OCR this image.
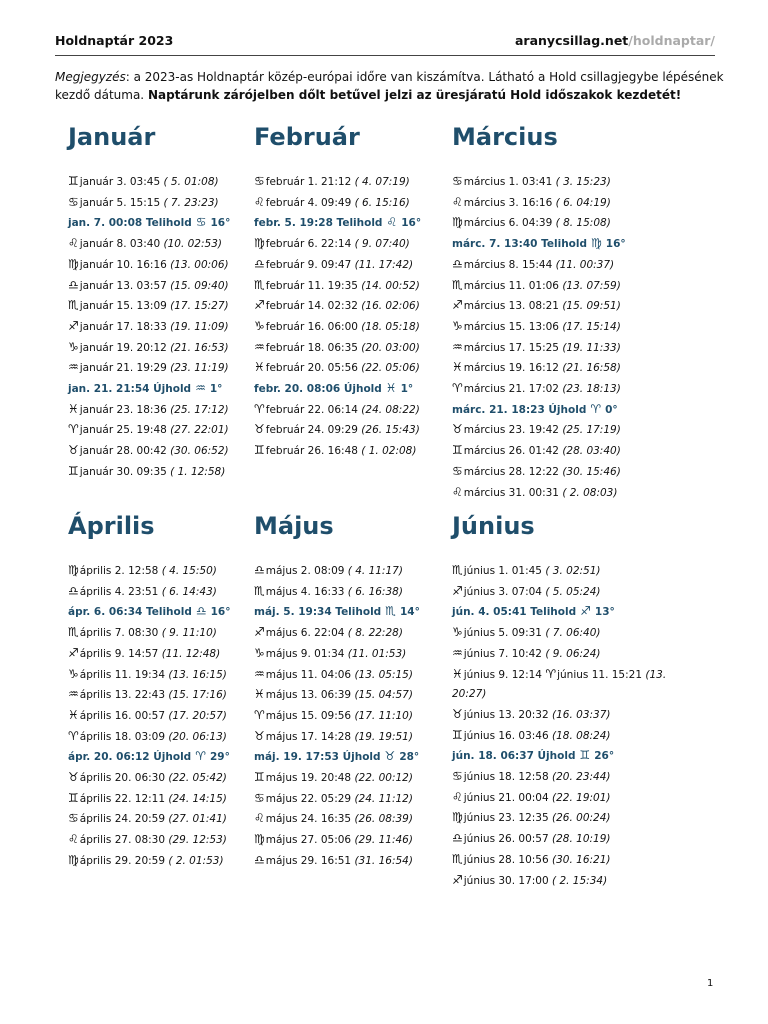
Holdnaptár 2023	aranycsillag.net/holdnaptar/
Megjegyzés: a 2023-as Holdnaptár közép-európai időre van kiszámítva. Látható a Hold csillagjegybe lépésének kezdő dátuma. Naptárunk zárójelben dőlt betűvel jelzi az üresjáratú Hold időszakok kezdetét!
Január
♊január 3. 03:45 ( 5. 01:08)
♋január 5. 15:15 ( 7. 23:23)
jan. 7. 00:08 Telihold ♋ 16°
♌január 8. 03:40 (10. 02:53)
♍január 10. 16:16 (13. 00:06)
♎január 13. 03:57 (15. 09:40)
♏január 15. 13:09 (17. 15:27)
♐január 17. 18:33 (19. 11:09)
♑január 19. 20:12 (21. 16:53)
♒január 21. 19:29 (23. 11:19)
jan. 21. 21:54 Újhold ♒ 1°
♓január 23. 18:36 (25. 17:12)
♈január 25. 19:48 (27. 22:01)
♉január 28. 00:42 (30. 06:52)
♊január 30. 09:35 ( 1. 12:58)
Február
♋február 1. 21:12 ( 4. 07:19)
♌február 4. 09:49 ( 6. 15:16)
febr. 5. 19:28 Telihold ♌ 16°
♍február 6. 22:14 ( 9. 07:40)
♎február 9. 09:47 (11. 17:42)
♏február 11. 19:35 (14. 00:52)
♐február 14. 02:32 (16. 02:06)
♑február 16. 06:00 (18. 05:18)
♒február 18. 06:35 (20. 03:00)
♓február 20. 05:56 (22. 05:06)
febr. 20. 08:06 Újhold ♓ 1°
♈február 22. 06:14 (24. 08:22)
♉február 24. 09:29 (26. 15:43)
♊február 26. 16:48 ( 1. 02:08)
Március
♋március 1. 03:41 ( 3. 15:23)
♌március 3. 16:16 ( 6. 04:19)
♍március 6. 04:39 ( 8. 15:08)
márc. 7. 13:40 Telihold ♍ 16°
♎március 8. 15:44 (11. 00:37)
♏március 11. 01:06 (13. 07:59)
♐március 13. 08:21 (15. 09:51)
♑március 15. 13:06 (17. 15:14)
♒március 17. 15:25 (19. 11:33)
♓március 19. 16:12 (21. 16:58)
♈március 21. 17:02 (23. 18:13)
márc. 21. 18:23 Újhold ♈ 0°
♉március 23. 19:42 (25. 17:19)
♊március 26. 01:42 (28. 03:40)
♋március 28. 12:22 (30. 15:46)
♌március 31. 00:31 ( 2. 08:03)
Április
♍április 2. 12:58 ( 4. 15:50)
♎április 4. 23:51 ( 6. 14:43)
ápr. 6. 06:34 Telihold ♎ 16°
♏április 7. 08:30 ( 9. 11:10)
♐április 9. 14:57 (11. 12:48)
♑április 11. 19:34 (13. 16:15)
♒április 13. 22:43 (15. 17:16)
♓április 16. 00:57 (17. 20:57)
♈április 18. 03:09 (20. 06:13)
ápr. 20. 06:12 Újhold ♈ 29°
♉április 20. 06:30 (22. 05:42)
♊április 22. 12:11 (24. 14:15)
♋április 24. 20:59 (27. 01:41)
♌április 27. 08:30 (29. 12:53)
♍április 29. 20:59 ( 2. 01:53)
Május
♎május 2. 08:09 ( 4. 11:17)
♏május 4. 16:33 ( 6. 16:38)
máj. 5. 19:34 Telihold ♏ 14°
♐május 6. 22:04 ( 8. 22:28)
♑május 9. 01:34 (11. 01:53)
♒május 11. 04:06 (13. 05:15)
♓május 13. 06:39 (15. 04:57)
♈május 15. 09:56 (17. 11:10)
♉május 17. 14:28 (19. 19:51)
máj. 19. 17:53 Újhold ♉ 28°
♊május 19. 20:48 (22. 00:12)
♋május 22. 05:29 (24. 11:12)
♌május 24. 16:35 (26. 08:39)
♍május 27. 05:06 (29. 11:46)
♎május 29. 16:51 (31. 16:54)
Június
♏június 1. 01:45 ( 3. 02:51)
♐június 3. 07:04 ( 5. 05:24)
jún. 4. 05:41 Telihold ♐ 13°
♑június 5. 09:31 ( 7. 06:40)
♒június 7. 10:42 ( 9. 06:24)
♓június 9. 12:14 ♈június 11. 15:21 (13. 20:27)
♉június 13. 20:32 (16. 03:37)
♊június 16. 03:46 (18. 08:24)
jún. 18. 06:37 Újhold ♊ 26°
♋június 18. 12:58 (20. 23:44)
♌június 21. 00:04 (22. 19:01)
♍június 23. 12:35 (26. 00:24)
♎június 26. 00:57 (28. 10:19)
♏június 28. 10:56 (30. 16:21)
♐június 30. 17:00 ( 2. 15:34)
1
